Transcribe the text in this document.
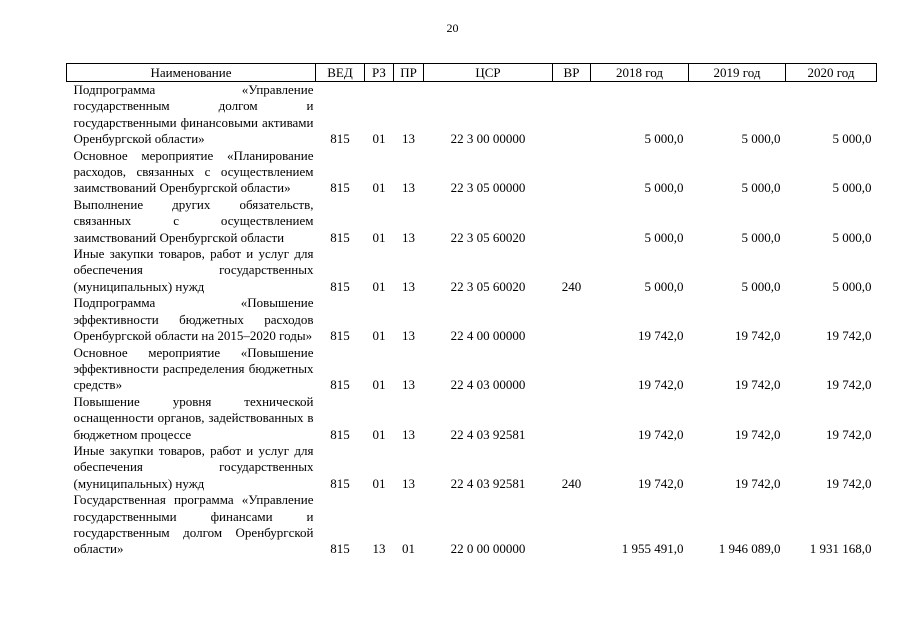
20
Наименование	ВЕД	РЗ	ПР	ЦСР	ВР	2018 год	2019 год	2020 год
Подпрограмма «Управление государственным долгом и государственными финансовыми активами Оренбургской области»	815	01	13	22 3 00 00000		5 000,0	5 000,0	5 000,0
Основное мероприятие «Планирование расходов, связанных с осуществлением заимствований Оренбургской области»	815	01	13	22 3 05 00000		5 000,0	5 000,0	5 000,0
Выполнение других обязательств, связанных с осуществлением заимствований Оренбургской области	815	01	13	22 3 05 60020		5 000,0	5 000,0	5 000,0
Иные закупки товаров, работ и услуг для обеспечения государственных (муниципальных) нужд	815	01	13	22 3 05 60020	240	5 000,0	5 000,0	5 000,0
Подпрограмма «Повышение эффективности бюджетных расходов Оренбургской области на 2015–2020 годы»	815	01	13	22 4 00 00000		19 742,0	19 742,0	19 742,0
Основное мероприятие «Повышение эффективности распределения бюджетных средств»	815	01	13	22 4 03 00000		19 742,0	19 742,0	19 742,0
Повышение уровня технической оснащенности органов, задействованных в бюджетном процессе	815	01	13	22 4 03 92581		19 742,0	19 742,0	19 742,0
Иные закупки товаров, работ и услуг для обеспечения государственных (муниципальных) нужд	815	01	13	22 4 03 92581	240	19 742,0	19 742,0	19 742,0
Государственная программа «Управление государственными финансами и государственным долгом Оренбургской области»	815	13	01	22 0 00 00000		1 955 491,0	1 946 089,0	1 931 168,0
